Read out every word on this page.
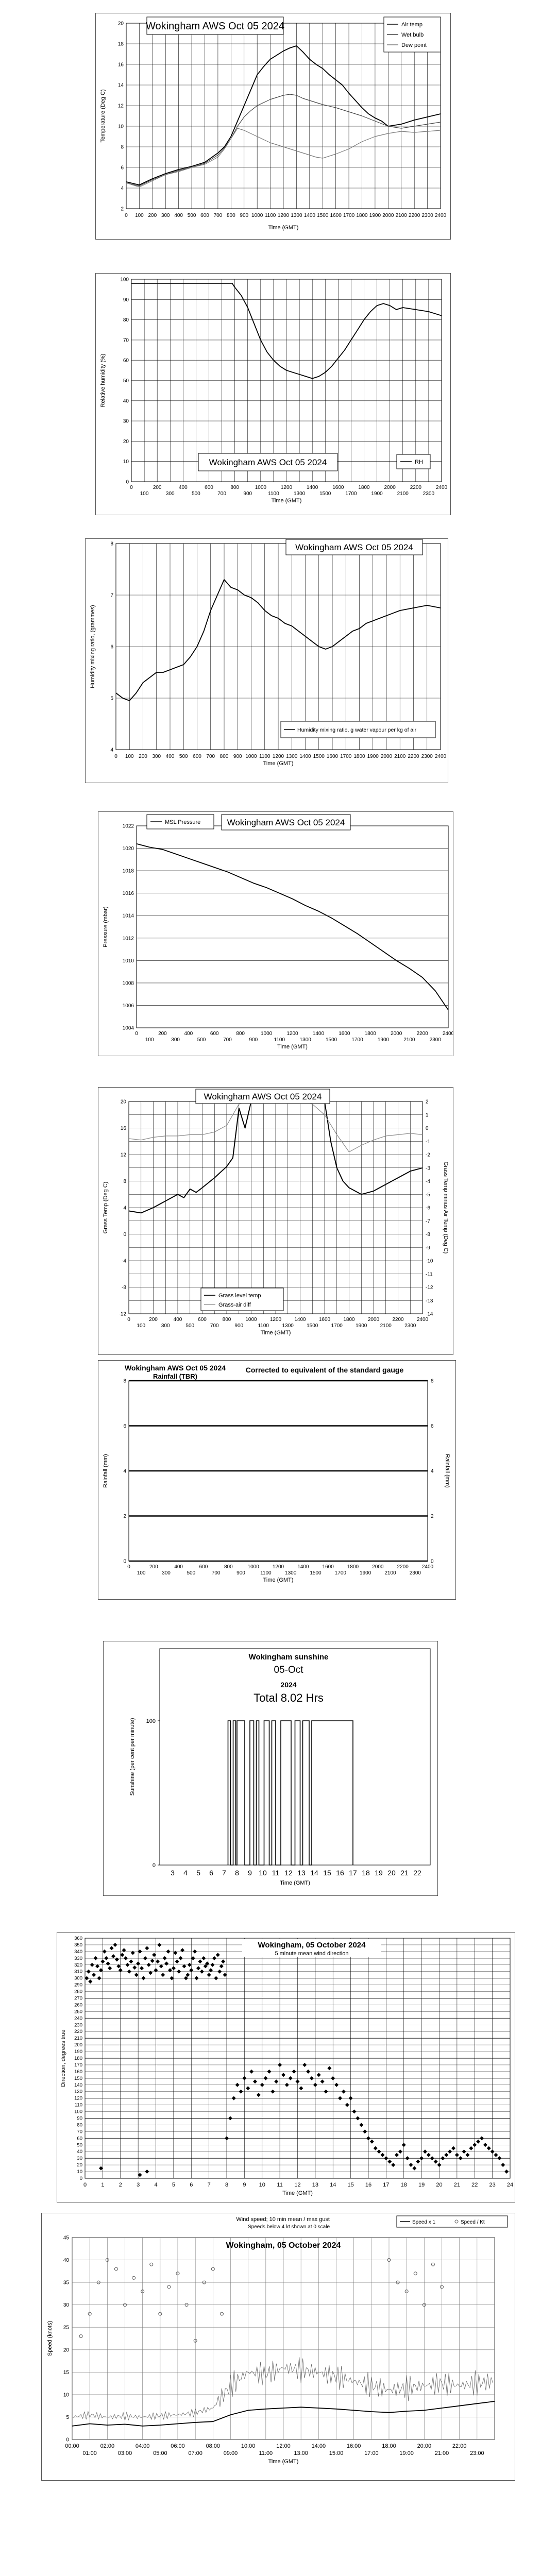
0 100 200 300 400 500 600 700 800 900 1000 1100 1200 1300 1400 1500 1600 1700 1800 1900 2000 2100 2200 2300 2400
2
4
6
8
10
12
14
16
18
20
Time (GMT)
Temperature (Deg C)
Wokingham AWS Oct 05 2024	Air temp
Wet bulb
Dew point
0	200	400	600	800	1000	1200	1400	1600	1800	2000	2200	2400
100	300	500	700	900	1100	1300	1500	1700	1900	2100	2300
0
10
20
30
40
50
60
70
80
90
100
Time (GMT)
Relative humidity (%)
Wokingham AWS Oct 05 2024	RH
0 100 200 300 400 500 600 700 800 900 1000 1100 1200 1300 1400 1500 1600 1700 1800 1900 2000 2100 2200 2300 2400
4
5
6
7
8
Time (GMT)
Humidity mixing ratio, (grammes)
Wokingham AWS Oct 05 2024
Humidity mixing ratio, g water vapour per kg of air
0	200	400	600	800	1000	1200	1400	1600	1800	2000	2200	2400
100	300	500	700	900	1100	1300	1500	1700	1900	2100	2300
1004
1006
1008
1010
1012
1014
1016
1018
1020
1022
Time (GMT)
Pressure (mbar)
MSL Pressure	Wokingham AWS Oct 05 2024
0	200	400	600	800	1000	1200	1400	1600	1800	2000	2200	2400
100	300	500	700	900	1100	1300	1500	1700	1900	2100	2300
20
16
12
8
4
0
-4
-8
-12
2
1
0
-1
-2
-3
-4
-5
-6
-7
-8
-9
-10
-11
-12
-13
-14
Time (GMT)
Grass Temp (Deg C)	Grass Temp minus Air Temp (Deg C)
Wokingham AWS Oct 05 2024
Grass level temp
Grass-air diff
0
2
4
6
8
0
2
4
6
8
0	200	400	600	800	1000	1200	1400	1600	1800	2000	2200	2400
100	300	500	700	900	1100	1300	1500	1700	1900	2100	2300
Time (GMT)
Rainfall (mm)	Rainfall (mm)
Wokingham AWS Oct 05 2024
Rainfall (TBR)
Corrected to equivalent of the standard gauge
0
100
3 4 5 6 7 8 9 10 11 12 13 14 15 16 17 18 19 20 21 22
Time (GMT)
Sunshine (per cent per minute)
Wokingham sunshine
05-Oct
2024
Total 8.02 Hrs
0
10
20
30
40
50
60
70
80
90
100
110
120
130
140
150
160
170
180
190
200
210
220
230
240
250
260
270
280
290
300
310
320
330
340
350
360
0	1	2	3	4	5	6	7	8	9 10 11 12 13 14 15 16 17 18 19 20 21 22 23 24
Time (GMT)
Direction, degrees true
Wokingham, 05 October 2024
5 minute mean wind direction
0
5
10
15
20
25
30
35
40
45
00:00	02:00	04:00	06:00	08:00	10:00	12:00	14:00	16:00	18:00	20:00	22:00
01:00	03:00	05:00	07:00	09:00	11:00	13:00	15:00	17:00	19:00	21:00	23:00
Time (GMT)
Speed (knots)
Wind speed; 10 min mean / max gust
Speeds below 4 kt shown at 0 scale
Wokingham, 05 October 2024
Speed x 1	Speed / Kt
